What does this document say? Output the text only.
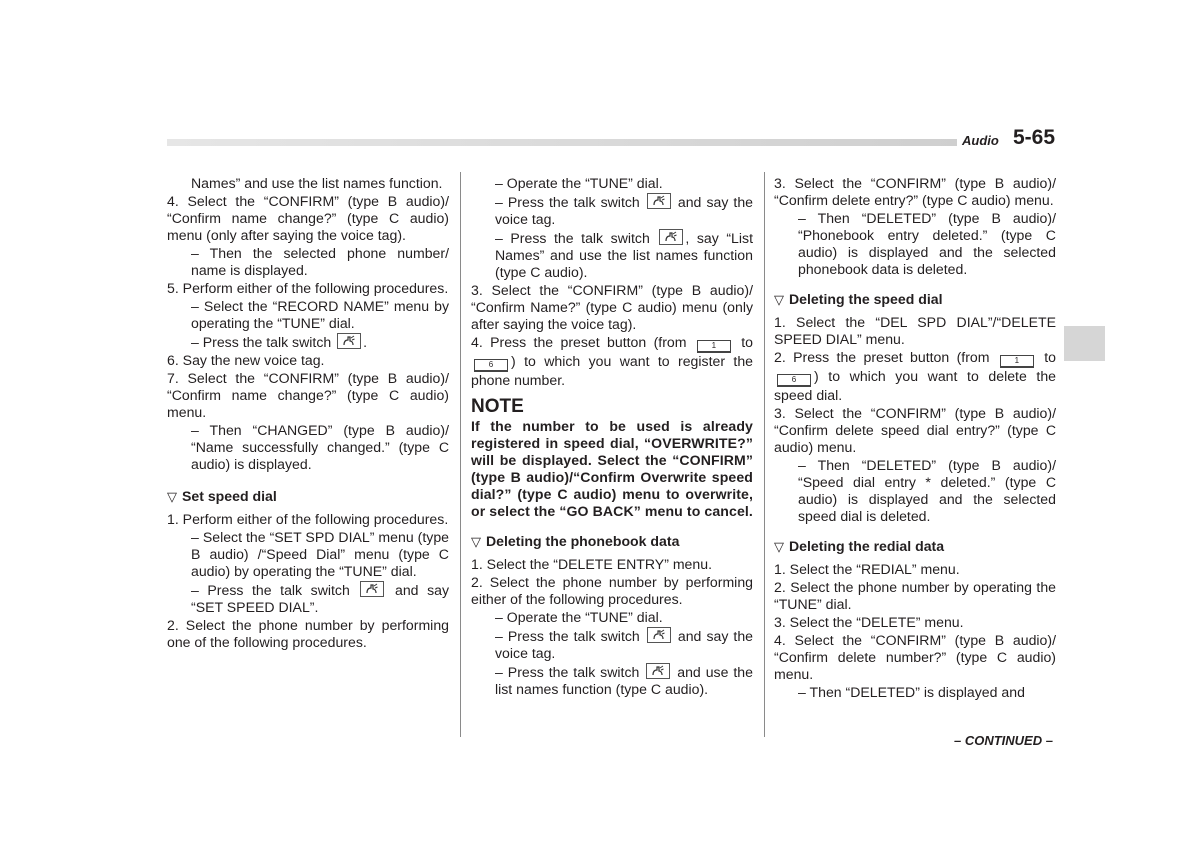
Audio 5-65

Names” and use the list names function.

4. Select the “CONFIRM” (type B audio)/ “Confirm name change?” (type C audio) menu (only after saying the voice tag).

– Then the selected phone number/ name is displayed.

5. Perform either of the following procedures.

– Select the “RECORD NAME” menu by operating the “TUNE” dial.

– Press the talk switch .

6. Say the new voice tag.

7. Select the “CONFIRM” (type B audio)/ “Confirm name change?” (type C audio) menu.

– Then “CHANGED” (type B audio)/ “Name successfully changed.” (type C audio) is displayed.

▽ Set speed dial

1. Perform either of the following procedures.

– Select the “SET SPD DIAL” menu (type B audio) /“Speed Dial” menu (type C audio) by operating the “TUNE” dial.

– Press the talk switch	and say “SET SPEED DIAL”.

2. Select the phone number by performing one of the following procedures.

– Operate the “TUNE” dial.

– Press the talk switch	and say the voice tag.

– Press the talk switch	, say “List Names” and use the list names function (type C audio).

3. Select the “CONFIRM” (type B audio)/ “Confirm Name?” (type C audio) menu (only after saying the voice tag).

4. Press the preset button (from	1 to 6 ) to which you want to register the phone number.

NOTE

If the number to be used is already registered in speed dial, “OVERWRITE?” will be displayed. Select the “CONFIRM” (type B audio)/“Confirm Overwrite speed dial?” (type C audio) menu to overwrite, or select the “GO BACK” menu to cancel.

▽ Deleting the phonebook data

1. Select the “DELETE ENTRY” menu.

2. Select the phone number by performing either of the following procedures.

– Operate the “TUNE” dial.

– Press the talk switch	and say the voice tag.

– Press the talk switch	and use the list names function (type C audio).

3. Select the “CONFIRM” (type B audio)/ “Confirm delete entry?” (type C audio) menu.

– Then “DELETED” (type B audio)/ “Phonebook entry deleted.” (type C audio) is displayed and the selected phonebook data is deleted.

▽ Deleting the speed dial

1. Select the “DEL SPD DIAL”/“DELETE SPEED DIAL” menu.

2. Press the preset button (from	1 to 6 ) to which you want to delete the speed dial.

3. Select the “CONFIRM” (type B audio)/ “Confirm delete speed dial entry?” (type C audio) menu.

– Then “DELETED” (type B audio)/ “Speed dial entry * deleted.” (type C audio) is displayed and the selected speed dial is deleted.

▽ Deleting the redial data

1. Select the “REDIAL” menu.

2. Select the phone number by operating the “TUNE” dial.

3. Select the “DELETE” menu.

4. Select the “CONFIRM” (type B audio)/ “Confirm delete number?” (type C audio) menu.

– Then “DELETED” is displayed and

– CONTINUED –
